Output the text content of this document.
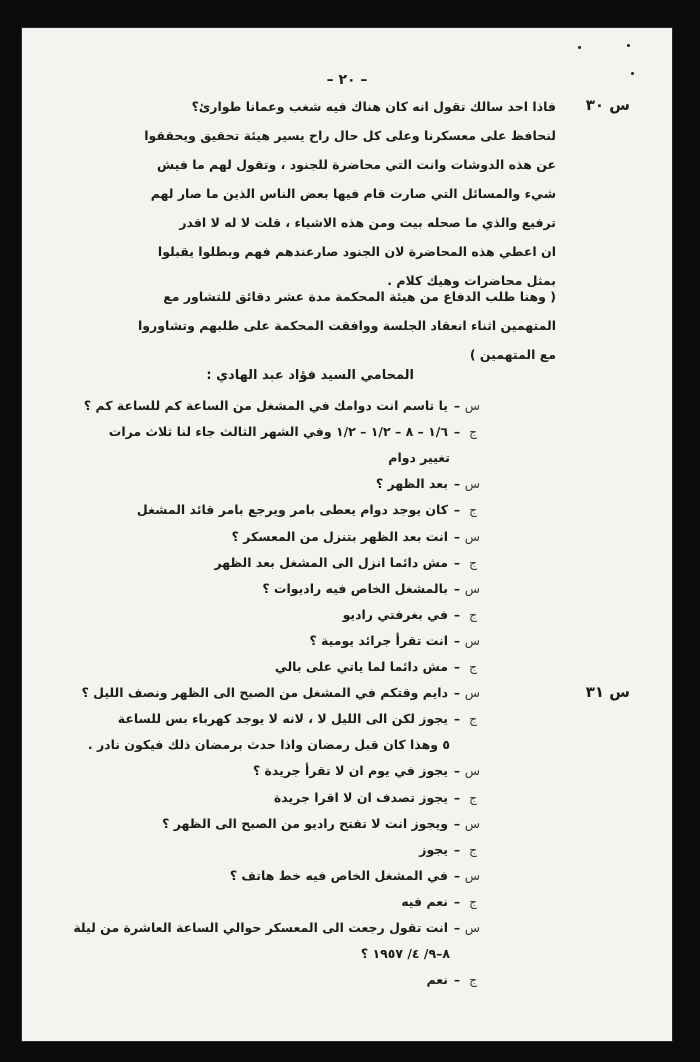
– ٢٠ –
س ٣٠
س ٣١
فاذا احد سالك تقول انه كان هناك فيه شغب وعمانا طوارئ؟
لنحافظ على معسكرنا وعلى كل حال راح يسير هيئة تحقيق ويحققوا
عن هذه الدوشات وانت التي محاضرة للجنود ، وتقول لهم ما فيش
شيء والمسائل التي صارت قام فيها بعض الناس الذين ما صار لهم
ترفيع والذي ما صحله بيت ومن هذه الاشياء ، قلت لا له لا اقدر
ان اعطي هذه المحاضرة لان الجنود صارعندهم فهم وبطلوا يقبلوا
بمثل محاضرات وهيك كلام .
( وهنا طلب الدفاع من هيئة المحكمة مدة عشر دقائق للتشاور مع
المتهمين اثناء انعقاد الجلسة ووافقت المحكمة على طلبهم وتشاوروا
مع المتهمين )
المحامي السيد فؤاد عبد الهادي :
س–يا تاسم انت دوامك في المشغل من الساعة كم للساعة كم ؟
ج–١/٦ – ٨ – ١/٢ – ١/٢ وفي الشهر الثالث جاء لنا ثلاث مرات
تغيير دوام
س–بعد الظهر ؟
ج–كان يوجد دوام يعطى بامر ويرجع بامر قائد المشغل
س–انت بعد الظهر بتنزل من المعسكر ؟
ج–مش دائما انزل الى المشغل بعد الظهر
س–بالمشغل الخاص فيه راديوات ؟
ج–في بغرفتي راديو
س–انت تقرأ جرائد يومية ؟
ج–مش دائما لما ياتي على بالي
س–دايم وقتكم في المشغل من الصبح الى الظهر ونصف الليل ؟
ج–يجوز لكن الى الليل لا ، لانه لا يوجد كهرباء بس للساعة
٥ وهذا كان قبل رمضان واذا حدث برمضان ذلك فيكون نادر .
س–يجوز في يوم ان لا تقرأ جريدة ؟
ج–يجوز تصدف ان لا اقرا جريدة
س–ويجوز انت لا تفتح راديو من الصبح الى الظهر ؟
ج–يجوز
س–في المشغل الخاص فيه خط هاتف ؟
ج–نعم فيه
س–انت تقول رجعت الى المعسكر حوالي الساعة العاشرة من ليلة
٨–٩/ ٤/ ١٩٥٧ ؟
ج–نعم
